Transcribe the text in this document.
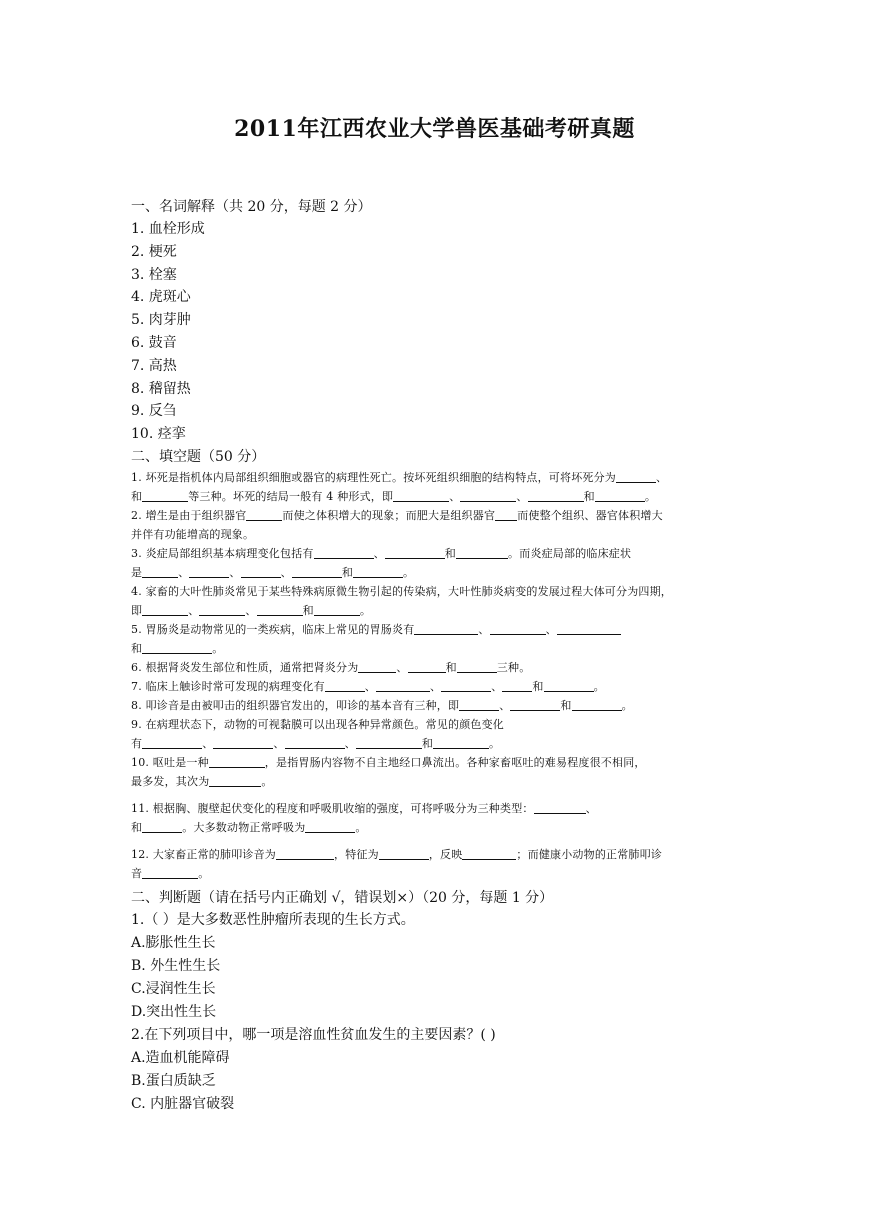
2011年江西农业大学兽医基础考研真题

一、名词解释（共 20 分，每题 2 分）

1. 血栓形成

2. 梗死

3. 栓塞

4. 虎斑心

5. 肉芽肿

6. 鼓音

7. 高热

8. 稽留热

9. 反刍

10. 痉挛

二、填空题（50 分）

1. 坏死是指机体内局部组织细胞或器官的病理性死亡。按坏死组织细胞的结构特点，可将坏死分为	、

和	等三种。坏死的结局一般有 4 种形式，即	、	、	和	。

2. 增生是由于组织器官	而使之体积增大的现象；而肥大是组织器官 而使整个组织、器官体积增大

并伴有功能增高的现象。

3. 炎症局部组织基本病理变化包括有	、	和	。而炎症局部的临床症状

是	、	、	、	和	。

4. 家畜的大叶性肺炎常见于某些特殊病原微生物引起的传染病，大叶性肺炎病变的发展过程大体可分为四期，

即	、	、	和	。

5. 胃肠炎是动物常见的一类疾病，临床上常见的胃肠炎有	、	、

和	。

6. 根据肾炎发生部位和性质，通常把肾炎分为	、	和	三种。

7. 临床上触诊时常可发现的病理变化有	、	、	、	和	。

8. 叩诊音是由被叩击的组织器官发出的，叩诊的基本音有三种，即	、	和	。

9. 在病理状态下，动物的可视黏膜可以出现各种异常颜色。常见的颜色变化

有	、	、	、	和	。

10. 呕吐是一种	，是指胃肠内容物不自主地经口鼻流出。各种家畜呕吐的难易程度很不相同，

最多发，其次为	。

11. 根据胸、腹壁起伏变化的程度和呼吸肌收缩的强度，可将呼吸分为三种类型：	、

和	。大多数动物正常呼吸为	。

12. 大家畜正常的肺叩诊音为	，特征为	，反映	；而健康小动物的正常肺叩诊

音	。

二、判断题（请在括号内正确划 √，错误划×）（20 分，每题 1 分）

1.（ ）是大多数恶性肿瘤所表现的生长方式。

A.膨胀性生长

B. 外生性生长

C.浸润性生长

D.突出性生长

2.在下列项目中，哪一项是溶血性贫血发生的主要因素？( )

A.造血机能障碍

B.蛋白质缺乏

C. 内脏器官破裂
